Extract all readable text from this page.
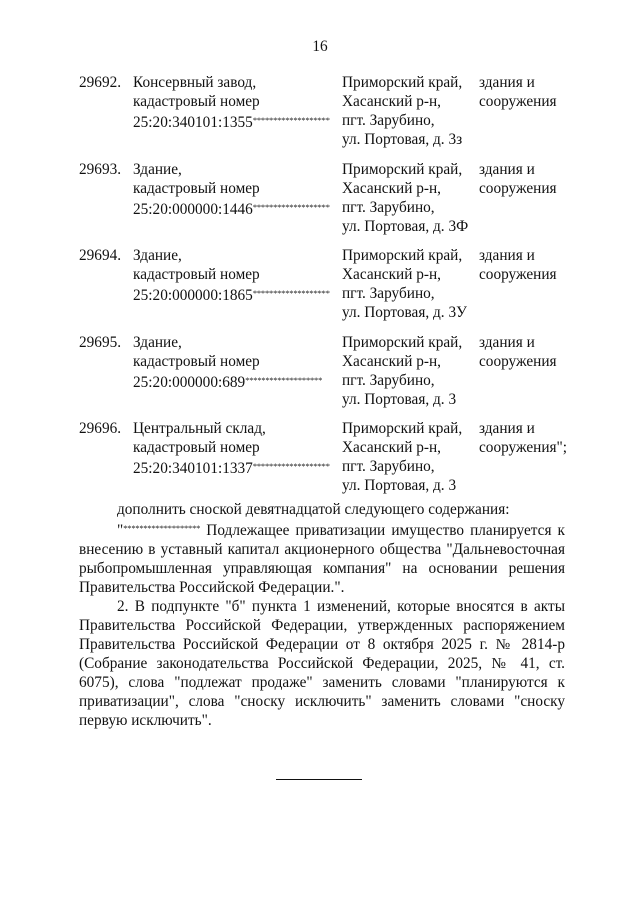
16
29692. Консервный завод,
кадастровый номер
25:20:340101:1355*******************
Приморский край,
Хасанский р-н,
пгт. Зарубино,
ул. Портовая, д. 3з
здания и
сооружения
29693. Здание,
кадастровый номер
25:20:000000:1446*******************
Приморский край,
Хасанский р-н,
пгт. Зарубино,
ул. Портовая, д. 3Ф
здания и
сооружения
29694. Здание,
кадастровый номер
25:20:000000:1865*******************
Приморский край,
Хасанский р-н,
пгт. Зарубино,
ул. Портовая, д. 3У
здания и
сооружения
29695. Здание,
кадастровый номер
25:20:000000:689*******************
Приморский край,
Хасанский р-н,
пгт. Зарубино,
ул. Портовая, д. 3
здания и
сооружения
29696. Центральный склад,
кадастровый номер
25:20:340101:1337*******************
Приморский край,
Хасанский р-н,
пгт. Зарубино,
ул. Портовая, д. 3
здания и
сооружения";

дополнить сноской девятнадцатой следующего содержания:

"******************* Подлежащее приватизации имущество планируется к внесению в уставный капитал акционерного общества "Дальневосточная рыбопромышленная управляющая компания" на основании решения Правительства Российской Федерации.".

2. В подпункте "б" пункта 1 изменений, которые вносятся в акты Правительства Российской Федерации, утвержденных распоряжением Правительства Российской Федерации от 8 октября 2025 г. № 2814-р (Собрание законодательства Российской Федерации, 2025, № 41, ст. 6075), слова "подлежат продаже" заменить словами "планируются к приватизации", слова "сноску исключить" заменить словами "сноску первую исключить".
